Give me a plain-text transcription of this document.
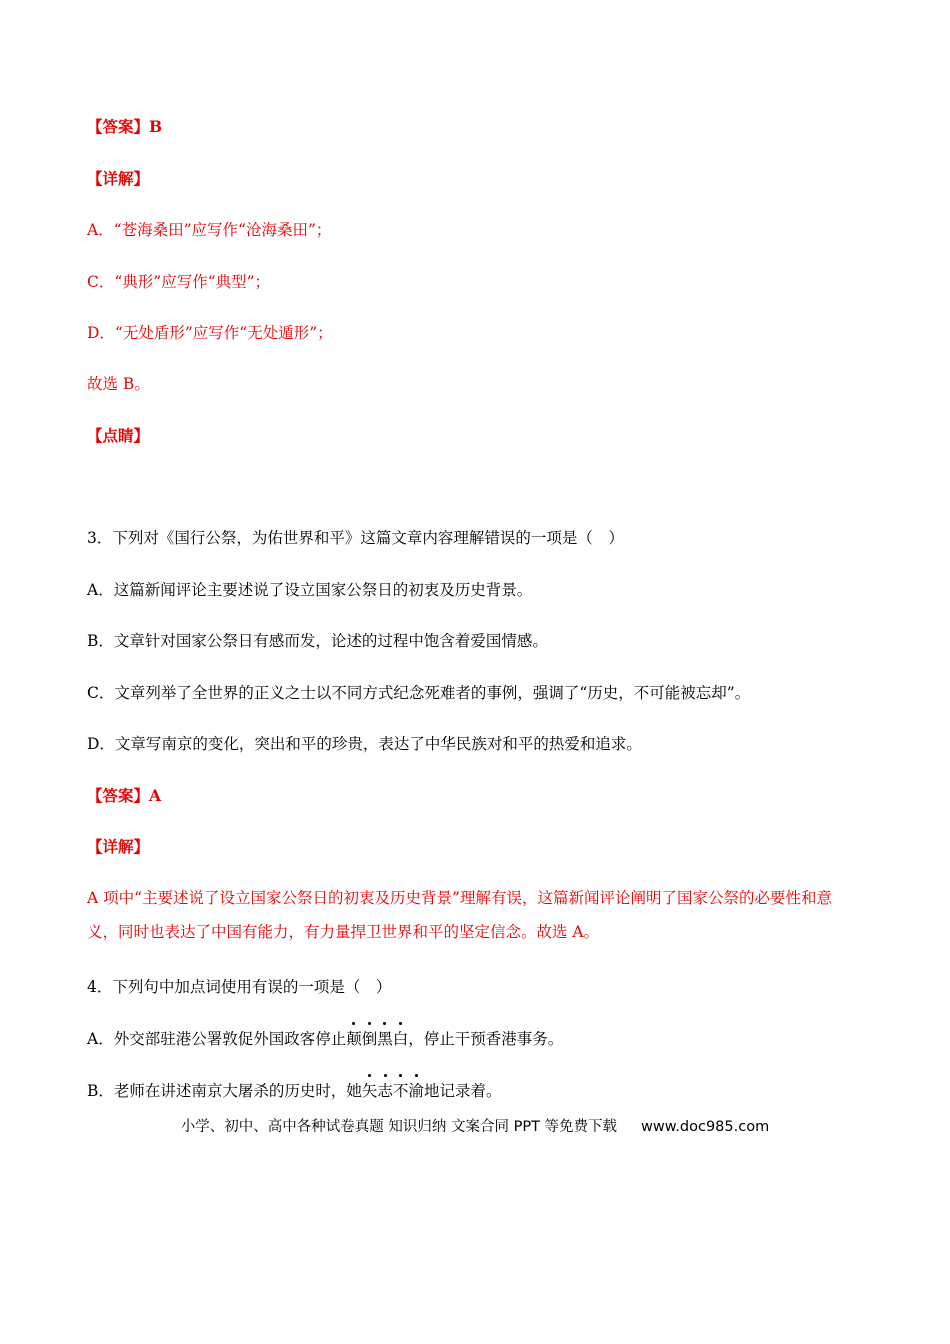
【答案】B
【详解】
A．“苍海桑田”应写作“沧海桑田”；
C．“典形”应写作“典型”；
D．“无处盾形”应写作“无处遁形”；
故选 B。
【点睛】
3．下列对《国行公祭，为佑世界和平》这篇文章内容理解错误的一项是（　）
A．这篇新闻评论主要述说了设立国家公祭日的初衷及历史背景。
B．文章针对国家公祭日有感而发，论述的过程中饱含着爱国情感。
C．文章列举了全世界的正义之士以不同方式纪念死难者的事例，强调了“历史，不可能被忘却”。
D．文章写南京的变化，突出和平的珍贵，表达了中华民族对和平的热爱和追求。
【答案】A
【详解】
A 项中“主要述说了设立国家公祭日的初衷及历史背景”理解有误，这篇新闻评论阐明了国家公祭的必要性和意义，同时也表达了中国有能力，有力量捍卫世界和平的坚定信念。故选 A。
4．下列句中加点词使用有误的一项是（　）
A．外交部驻港公署敦促外国政客停止颠倒黑白，停止干预香港事务。
B．老师在讲述南京大屠杀的历史时，她矢志不渝地记录着。
小学、初中、高中各种试卷真题 知识归纳 文案合同 PPT 等免费下载 www.doc985.com
